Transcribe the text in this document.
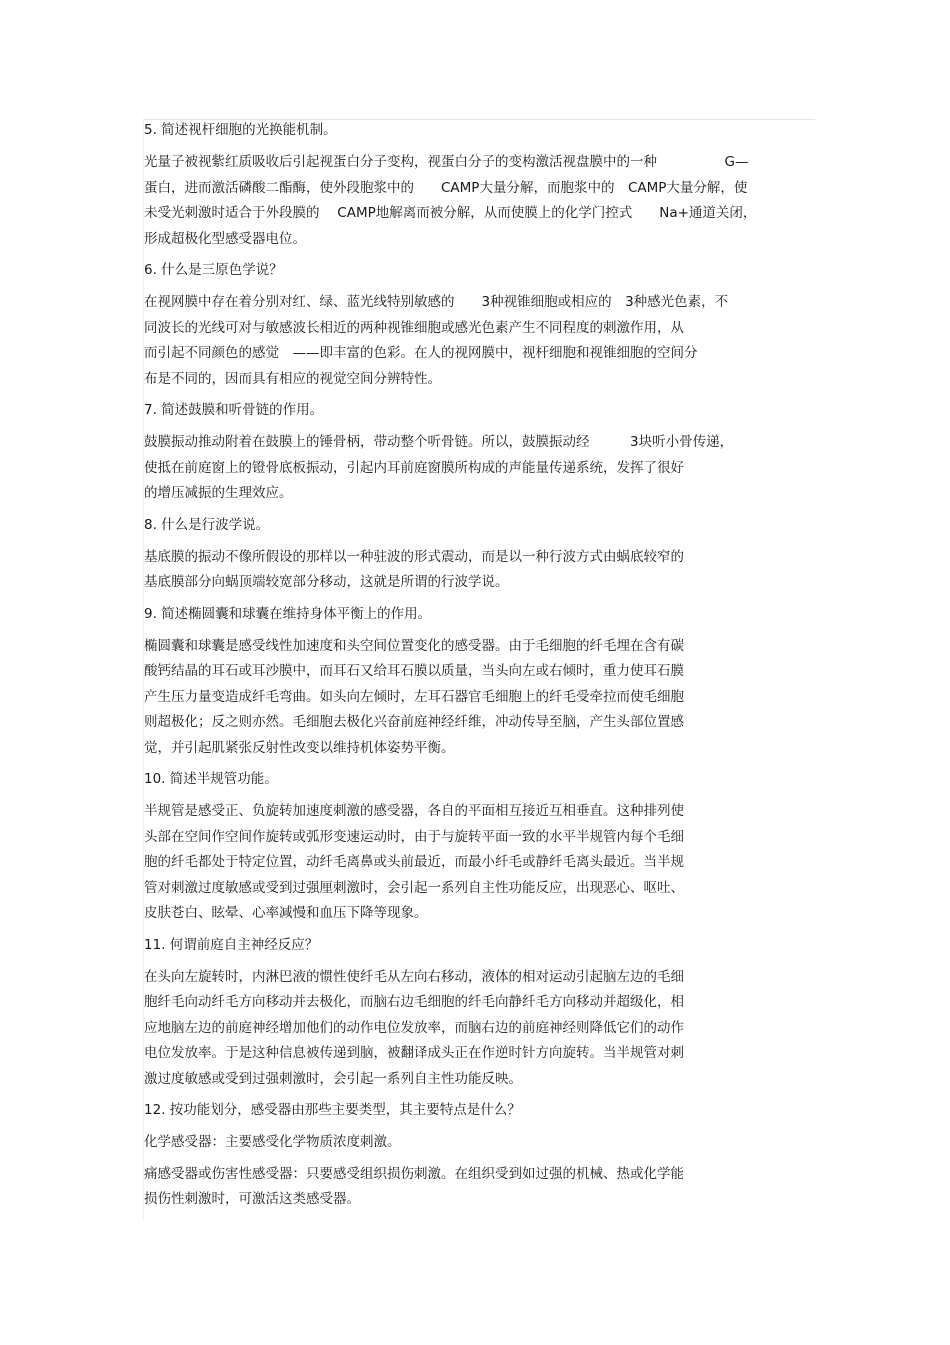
5. 简述视杆细胞的光换能机制。
光量子被视紫红质吸收后引起视蛋白分子变构，视蛋白分子的变构激活视盘膜中的一种　　　　　G—
蛋白，进而激活磷酸二酯酶，使外段胞浆中的　　CAMP大量分解，而胞浆中的　CAMP大量分解，使
未受光刺激时适合于外段膜的　 CAMP地解离而被分解，从而使膜上的化学门控式　　Na+通道关闭，
形成超极化型感受器电位。
6. 什么是三原色学说？
在视网膜中存在着分别对红、绿、蓝光线特别敏感的　　3种视锥细胞或相应的　3种感光色素，不
同波长的光线可对与敏感波长相近的两种视锥细胞或感光色素产生不同程度的刺激作用，从
而引起不同颜色的感觉　——即丰富的色彩。在人的视网膜中，视杆细胞和视锥细胞的空间分
布是不同的，因而具有相应的视觉空间分辨特性。
7. 简述鼓膜和听骨链的作用。
鼓膜振动推动附着在鼓膜上的锤骨柄，带动整个听骨链。所以，鼓膜振动经　　　3块听小骨传递，
使抵在前庭窗上的镫骨底板振动，引起内耳前庭窗膜所构成的声能量传递系统，发挥了很好
的增压减振的生理效应。
8. 什么是行波学说。
基底膜的振动不像所假设的那样以一种驻波的形式震动，而是以一种行波方式由蜗底较窄的
基底膜部分向蜗顶端较宽部分移动，这就是所谓的行波学说。
9. 简述椭圆囊和球囊在维持身体平衡上的作用。
椭圆囊和球囊是感受线性加速度和头空间位置变化的感受器。由于毛细胞的纤毛埋在含有碳
酸钙结晶的耳石或耳沙膜中，而耳石又给耳石膜以质量，当头向左或右倾时，重力使耳石膜
产生压力量变造成纤毛弯曲。如头向左倾时，左耳石器官毛细胞上的纤毛受牵拉而使毛细胞
则超极化；反之则亦然。毛细胞去极化兴奋前庭神经纤维，冲动传导至脑，产生头部位置感
觉，并引起肌紧张反射性改变以维持机体姿势平衡。
10. 简述半规管功能。
半规管是感受正、负旋转加速度刺激的感受器，各自的平面相互接近互相垂直。这种排列使
头部在空间作空间作旋转或弧形变速运动时，由于与旋转平面一致的水平半规管内每个毛细
胞的纤毛都处于特定位置，动纤毛离鼻或头前最近，而最小纤毛或静纤毛离头最近。当半规
管对刺激过度敏感或受到过强厘刺激时，会引起一系列自主性功能反应，出现恶心、呕吐、
皮肤苍白、眩晕、心率减慢和血压下降等现象。
11. 何谓前庭自主神经反应？
在头向左旋转时，内淋巴液的惯性使纤毛从左向右移动，液体的相对运动引起脑左边的毛细
胞纤毛向动纤毛方向移动并去极化，而脑右边毛细胞的纤毛向静纤毛方向移动并超级化，相
应地脑左边的前庭神经增加他们的动作电位发放率，而脑右边的前庭神经则降低它们的动作
电位发放率。于是这种信息被传递到脑，被翻译成头正在作逆时针方向旋转。当半规管对刺
激过度敏感或受到过强刺激时，会引起一系列自主性功能反映。
12. 按功能划分，感受器由那些主要类型，其主要特点是什么？
化学感受器：主要感受化学物质浓度刺激。
痛感受器或伤害性感受器：只要感受组织损伤刺激。在组织受到如过强的机械、热或化学能
损伤性刺激时，可激活这类感受器。
